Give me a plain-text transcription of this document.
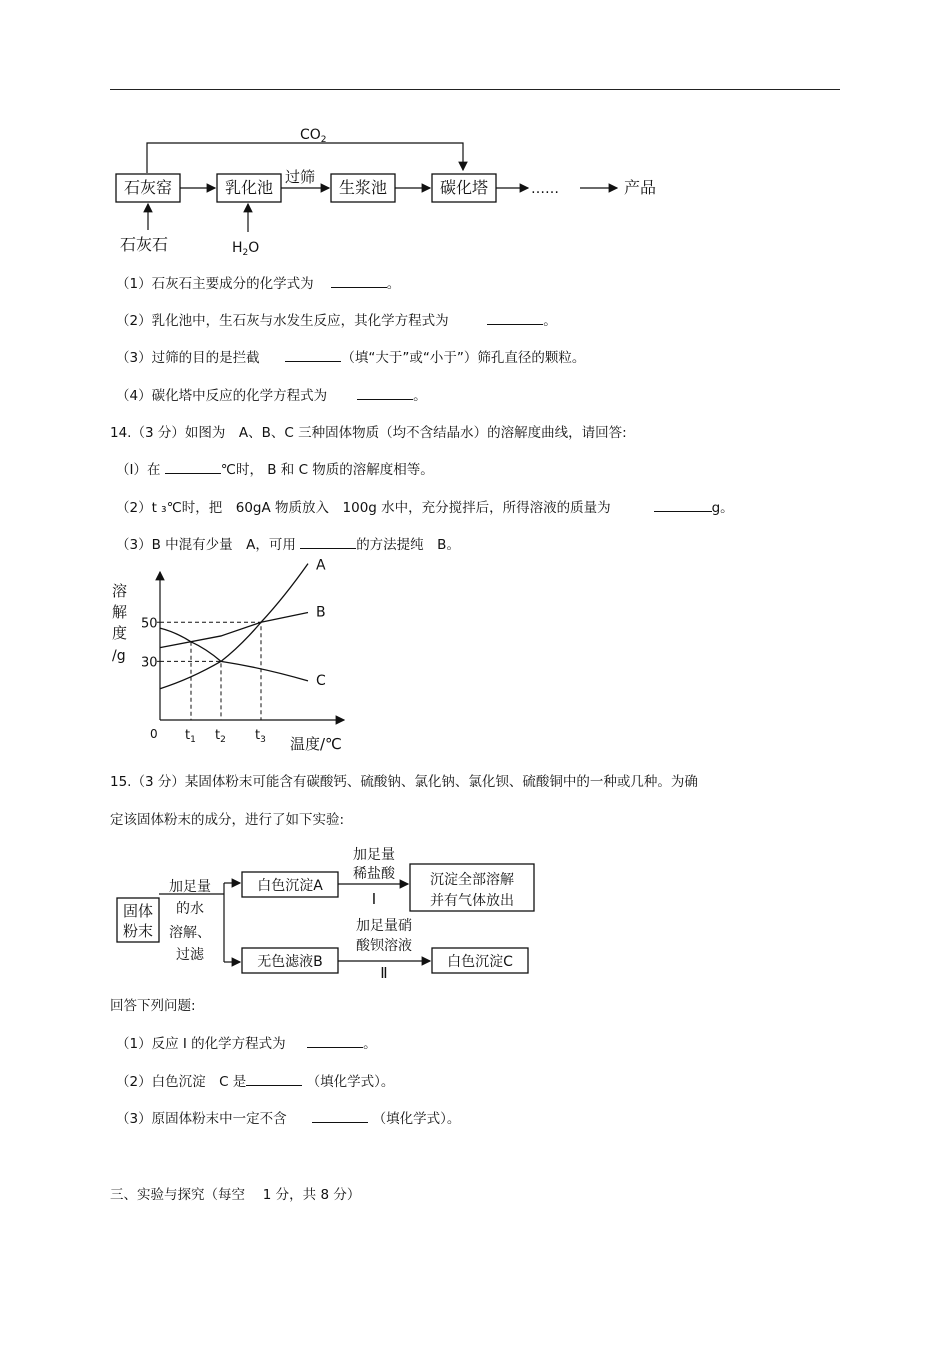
$CO_2$
石灰窑	乳化池	生浆池	碳化塔
过筛
……	产品
石灰石	$H_2O$
（1）石灰石主要成分的化学式为	。
（2）乳化池中，生石灰与水发生反应，其化学方程式为	。
（3）过筛的目的是拦截	（填“大于”或“小于”）筛孔直径的颗粒。
（4）碳化塔中反应的化学方程式为	。
14.（3 分）如图为　A、B、C 三种固体物质（均不含结晶水）的溶解度曲线，请回答:
（I）在	℃时， B 和 C 物质的溶解度相等。
（2）t ₃℃时，把　60gA 物质放入　100g 水中，充分搅拌后，所得溶液的质量为	g。
（3）B 中混有少量　A，可用	的方法提纯　B。
溶
解
度
/g
温度/℃
0
50
30
$t_1$ $t_2$ $t_3$
A
B
C
15.（3 分）某固体粉末可能含有碳酸钙、硫酸钠、氯化钠、氯化钡、硫酸铜中的一种或几种。为确
定该固体粉末的成分，进行了如下实验:
固体
粉末
加足量
的水
溶解、
过滤
白色沉淀A
加足量
稀盐酸
I
沉淀全部溶解
并有气体放出
无色滤液B
加足量硝
酸钡溶液
Ⅱ
白色沉淀C
回答下列问题:
（1）反应 I 的化学方程式为	。
（2）白色沉淀　C 是	（填化学式）。
（3）原固体粉末中一定不含	（填化学式）。
三、实验与探究（每空　 1 分，共 8 分）
